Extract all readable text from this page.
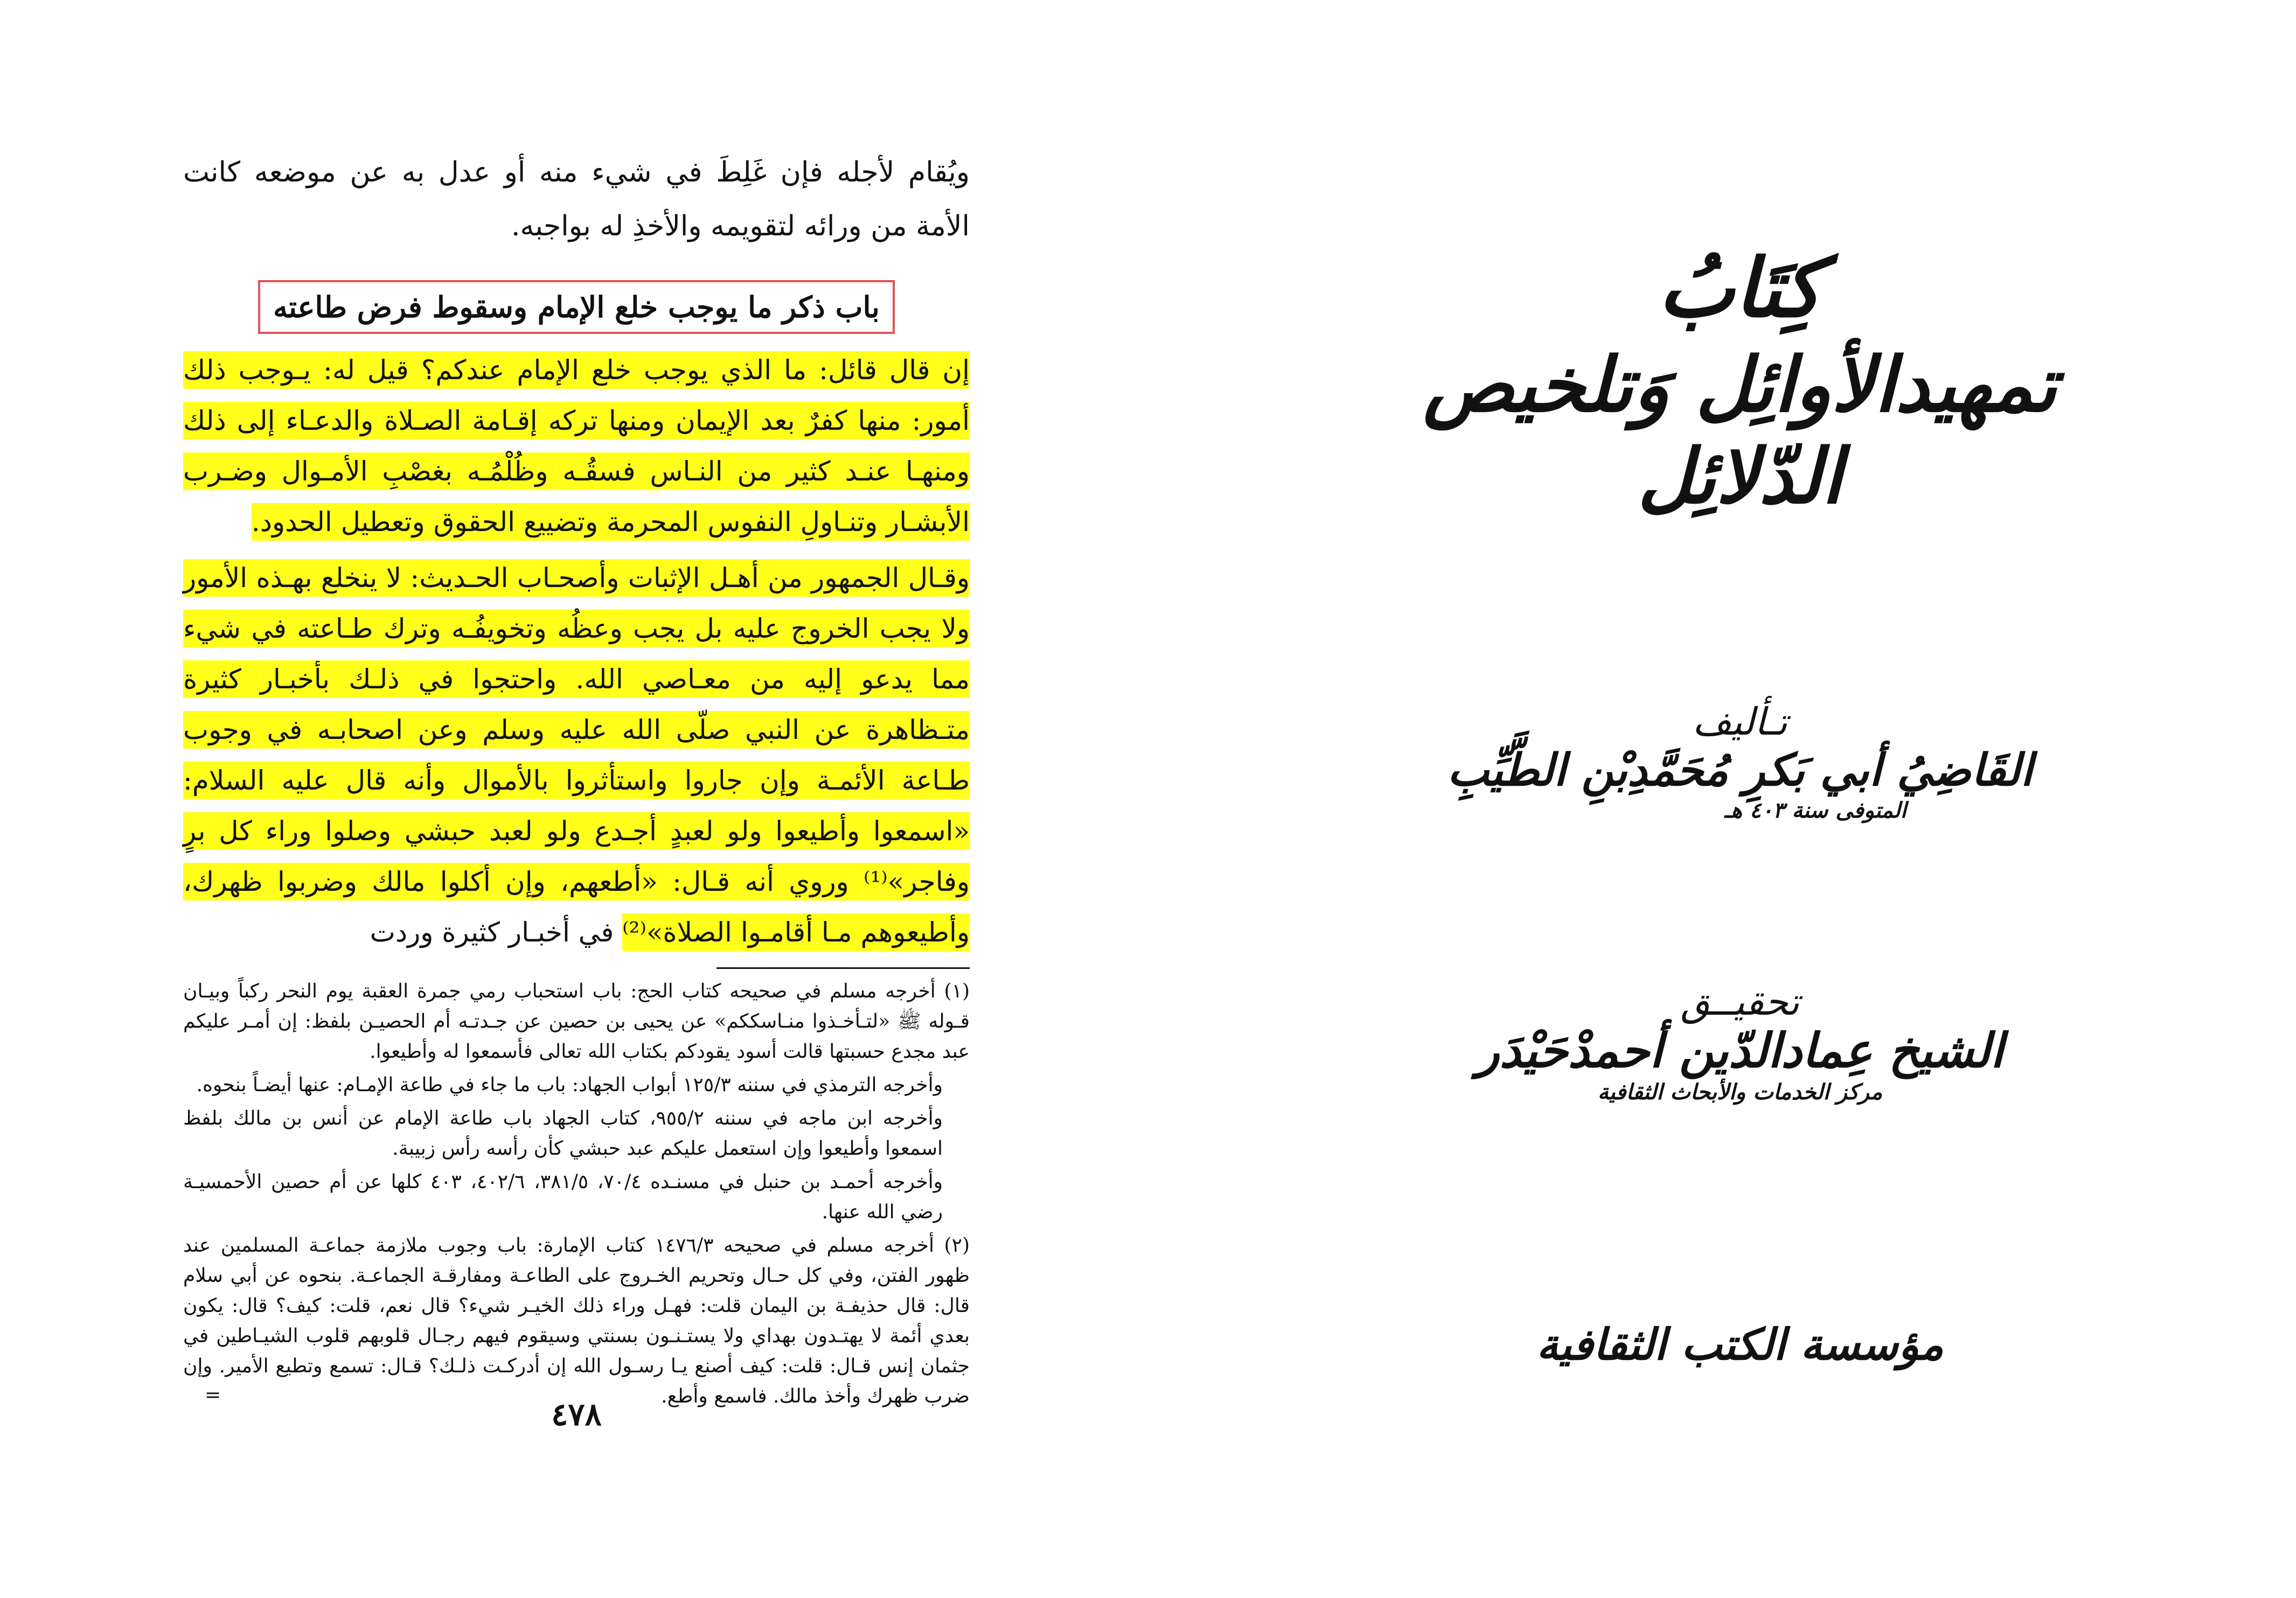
ويُقام لأجله فإن غَلِطَ في شيء منه أو عدل به عن موضعه كانت الأمة من ورائه لتقويمه والأخذِ له بواجبه.

باب ذكر ما يوجب خلع الإمام وسقوط فرض طاعته

إن قال قائل: ما الذي يوجب خلع الإمام عندكم؟ قيل له: يـوجب ذلك أمور: منها كفرٌ بعد الإيمان ومنها تركه إقـامة الصـلاة والدعـاء إلى ذلك ومنهـا عنـد كثير من النـاس فسقُـه وظُلْمُـه بغصْبِ الأمـوال وضـرب الأبشـار وتنـاولِ النفوس المحرمة وتضييع الحقوق وتعطيل الحدود.

وقـال الجمهور من أهـل الإثبات وأصحـاب الحـديث: لا ينخلع بهـذه الأمور ولا يجب الخروج عليه بل يجب وعظُه وتخويفُـه وترك طـاعته في شيء مما يدعو إليه من معـاصي الله. واحتجوا في ذلـك بأخبـار كثيرة متـظاهرة عن النبي صلّى الله عليه وسلم وعن اصحابـه في وجوب طـاعة الأئمـة وإن جاروا واستأثروا بالأموال وأنه قال عليه السلام: «اسمعوا وأطيعوا ولو لعبدٍ أجـدع ولو لعبد حبشي وصلوا وراء كل برٍ وفاجر»⁽¹⁾ وروي أنه قـال: «أطعهم، وإن أكلوا مالك وضربوا ظهرك، وأطيعوهم مـا أقامـوا الصلاة»⁽²⁾ في أخبـار كثيرة وردت

(١) أخرجه مسلم في صحيحه كتاب الحج: باب استحباب رمي جمرة العقبة يوم النحر ركباً وبيـان قـوله ﷺ «لتـأخـذوا منـاسككم» عن يحيى بن حصين عن جـدتـه أم الحصيـن بلفظ: إن أمـر عليكم عبد مجدع حسبتها قالت أسود يقودكم بكتاب الله تعالى فأسمعوا له وأطيعوا.

وأخرجه الترمذي في سننه ١٢٥/٣ أبواب الجهاد: باب ما جاء في طاعة الإمـام: عنها أيضـاً بنحوه.

وأخرجه ابن ماجه في سننه ٩٥٥/٢، كتاب الجهاد باب طاعة الإمام عن أنس بن مالك بلفظ اسمعوا وأطيعوا وإن استعمل عليكم عبد حبشي كأن رأسه رأس زبيبة.

وأخرجه أحمـد بن حنبل في مسنـده ٧٠/٤، ٣٨١/٥، ٤٠٢/٦، ٤٠٣ كلها عن أم حصين الأحمسيـة رضي الله عنها.

(٢) أخرجه مسلم في صحيحه ١٤٧٦/٣ كتاب الإمارة: باب وجوب ملازمة جماعـة المسلمين عند ظهور الفتن، وفي كل حـال وتحريم الخـروج على الطاعـة ومفارقـة الجماعـة. بنحوه عن أبي سلام قال: قال حذيفـة بن اليمان قلت: فهـل وراء ذلك الخيـر شيء؟ قال نعم، قلت: كيف؟ قال: يكون بعدي أئمة لا يهتـدون بهداي ولا يستـنـون بسنتي وسيقوم فيهم رجـال قلوبهم قلوب الشيـاطين في جثمان إنس قـال: قلت: كيف أصنع يـا رسـول الله إن أدركـت ذلـك؟ قـال: تسمع وتطيع الأمير. وإن ضرب ظهرك وأخذ مالك. فاسمع وأطع.

=
٤٧٨
كِتَابُ
تمهيدالأوائِل وَتلخيص الدّلائِل
تـأليف
القَاضِيُ أبي بَكرِ مُحَمَّدِبْنِ الطَّيِّبِ
المتوفى سنة ٤٠٣ هـ
تحقيــق
الشيخ عِمادالدّين أحمدْحَيْدَر
مركز الخدمات والأبحاث الثقافية
مؤسسة الكتب الثقافية
